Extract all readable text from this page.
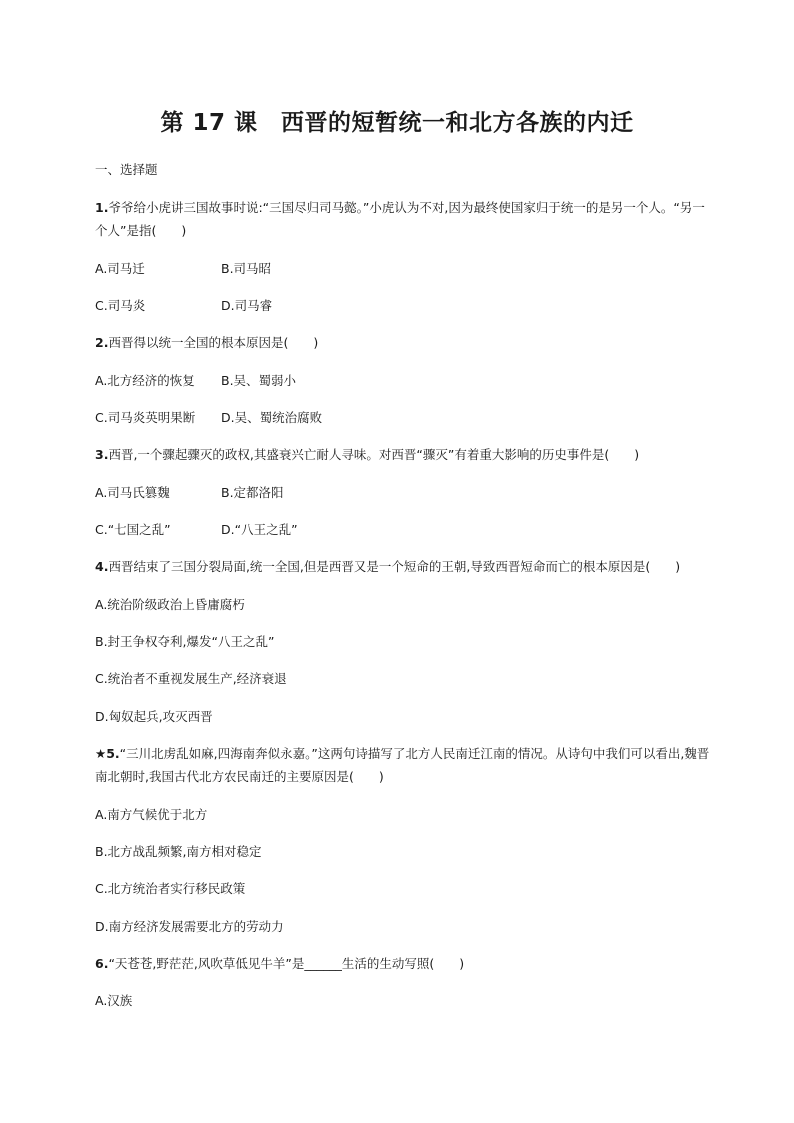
第 17 课　西晋的短暂统一和北方各族的内迁
一、选择题
1.爷爷给小虎讲三国故事时说:“三国尽归司马懿。”小虎认为不对,因为最终使国家归于统一的是另一个人。“另一
个人”是指(　　)
A.司马迁	B.司马昭
C.司马炎	D.司马睿
2.西晋得以统一全国的根本原因是(　　)
A.北方经济的恢复 B.吴、蜀弱小
C.司马炎英明果断 D.吴、蜀统治腐败
3.西晋,一个骤起骤灭的政权,其盛衰兴亡耐人寻味。对西晋“骤灭”有着重大影响的历史事件是(　　)
A.司马氏篡魏	B.定都洛阳
C.“七国之乱”	D.“八王之乱”
4.西晋结束了三国分裂局面,统一全国,但是西晋又是一个短命的王朝,导致西晋短命而亡的根本原因是(　　)
A.统治阶级政治上昏庸腐朽
B.封王争权夺利,爆发“八王之乱”
C.统治者不重视发展生产,经济衰退
D.匈奴起兵,攻灭西晋
★5.“三川北虏乱如麻,四海南奔似永嘉。”这两句诗描写了北方人民南迁江南的情况。从诗句中我们可以看出,魏晋
南北朝时,我国古代北方农民南迁的主要原因是(　　)
A.南方气候优于北方
B.北方战乱频繁,南方相对稳定
C.北方统治者实行移民政策
D.南方经济发展需要北方的劳动力
6.“天苍苍,野茫茫,风吹草低见牛羊”是______生活的生动写照(　　)
A.汉族
